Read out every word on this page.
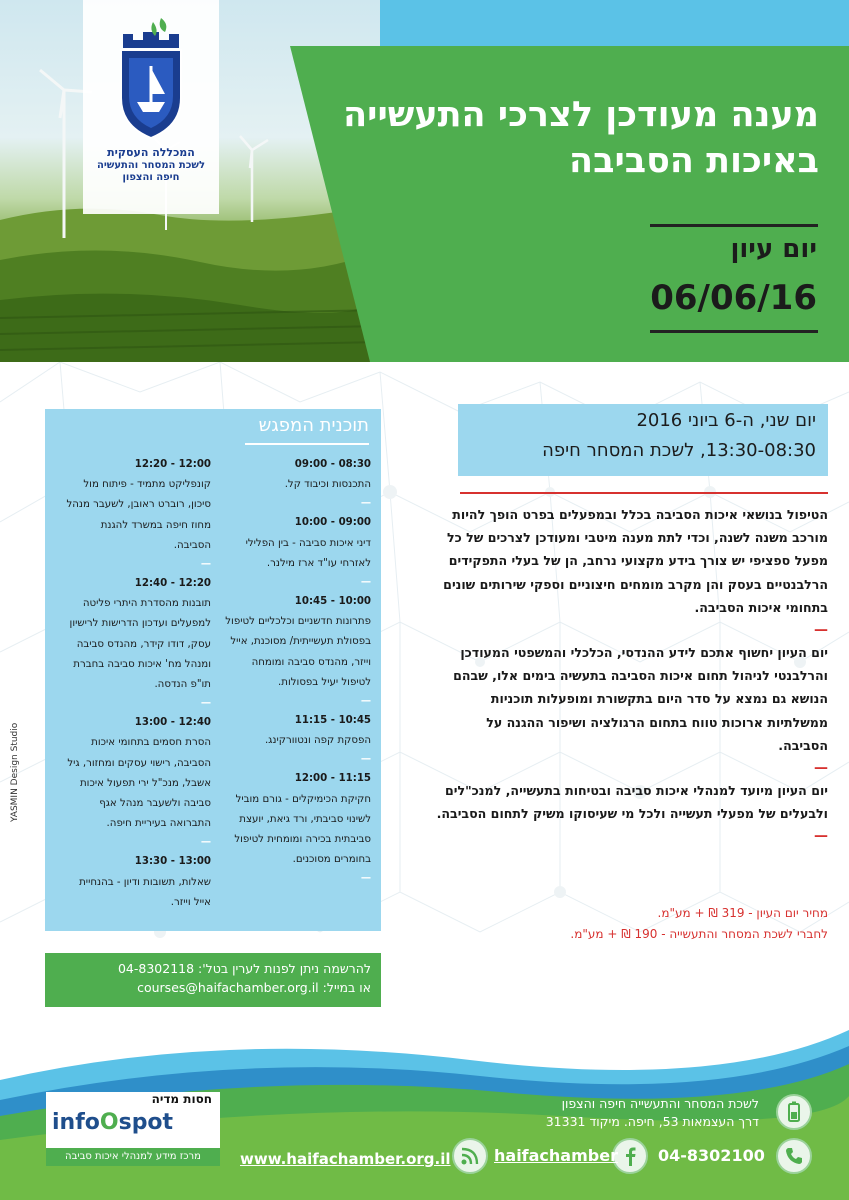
המכללה העסקית
לשכת המסחר והתעשיה
חיפה והצפון
מענה מעודכן לצרכי התעשייה
באיכות הסביבה
יום עיון
06/06/16
יום שני, ה-6 ביוני 2016
13:30-08:30, לשכת המסחר חיפה
הטיפול בנושאי איכות הסביבה בכלל ובמפעלים בפרט הופך להיות מורכב משנה לשנה, וכדי לתת מענה מיטבי ומעודכן לצרכים של כל מפעל ספציפי יש צורך בידע מקצועי נרחב, הן של בעלי התפקידים הרלבנטיים בעסק והן מקרב מומחים חיצוניים וספקי שירותים שונים בתחומי איכות הסביבה.
—
יום העיון יחשוף אתכם לידע ההנדסי, הכלכלי והמשפטי המעודכן והרלבנטי לניהול תחום איכות הסביבה בתעשיה בימים אלו, שבהם הנושא גם נמצא על סדר היום בתקשורת ומופעלות תוכניות ממשלתיות ארוכות טווח בתחום הרגולציה ושיפור ההגנה על הסביבה.
—
יום העיון מיועד למנהלי איכות סביבה ובטיחות בתעשייה, למנכ"לים ולבעלים של מפעלי תעשייה ולכל מי שעיסוקו משיק לתחום הסביבה.
—
מחיר יום העיון - 319 ₪ + מע"מ.
לחברי לשכת המסחר והתעשייה - 190 ₪ + מע"מ.
תוכנית המפגש
08:30 - 09:00
התכנסות וכיבוד קל.
—
09:00 - 10:00
דיני איכות סביבה - בין הפלילי לאזרחי עו"ד ארז מילנר.
—
10:00 - 10:45
פתרונות חדשניים וכלכליים לטיפול בפסולת תעשייתית/ מסוכנת, אייל וייזר, מהנדס סביבה ומומחה לטיפול יעיל בפסולות.
—
10:45 - 11:15
הפסקת קפה ונטוורקינג.
—
11:15 - 12:00
חקיקת הכימיקלים - גורם מוביל לשינוי סביבתי, ורד גיאת, יועצת סביבתית בכירה ומומחית לטיפול בחומרים מסוכנים.
—
12:00 - 12:20
קונפליקט מתמיד - פיתוח מול סיכון, רוברט ראובן, לשעבר מנהל מחוז חיפה במשרד להגנת הסביבה.
—
12:20 - 12:40
תובנות מהסדרת היתרי פליטה למפעלים ועדכון הדרישות לרישיון עסק, דודו קידר, מהנדס סביבה ומנהל מח' איכות סביבה בחברת תו"פ הנדסה.
—
12:40 - 13:00
הסרת חסמים בתחומי איכות הסביבה, רישוי עסקים ומחזור, גיל אשבל, מנכ"ל ירי תפעול איכות סביבה ולשעבר מנהל אגף התברואה בעיריית חיפה.
—
13:00 - 13:30
שאלות, תשובות ודיון - בהנחיית אייל וייזר.
להרשמה ניתן לפנות לערין בטל': 04-8302118
או במייל: courses@haifachamber.org.il
YASMIN Design Studio
חסות מדיה
infoOspot
מרכז מידע למנהלי איכות סביבה
לשכת המסחר והתעשייה חיפה והצפון
דרך העצמאות 53, חיפה. מיקוד 31331
04-8302100
haifachamber
www.haifachamber.org.il
